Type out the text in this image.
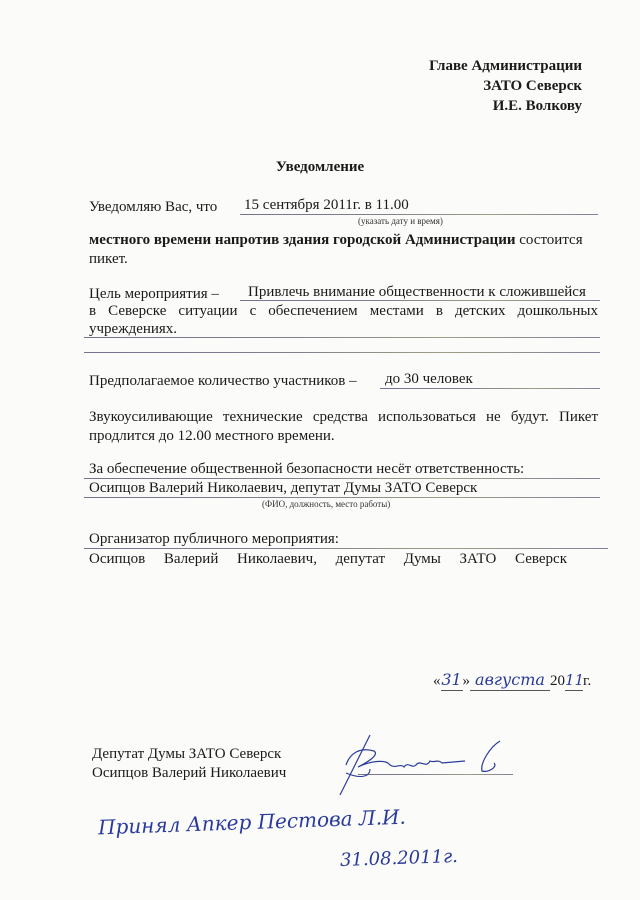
Главе Администрации
ЗАТО Северск
И.Е. Волкову
Уведомление
Уведомляю Вас, что 15 сентября 2011г. в 11.00
(указать дату и время)
местного времени напротив здания городской Администрации состоится
пикет.
Цель мероприятия – Привлечь внимание общественности к сложившейся
в Северске ситуации с обеспечением местами в детских дошкольных
учреждениях.
Предполагаемое количество участников – до 30 человек
Звукоусиливающие технические средства использоваться не будут. Пикет
продлится до 12.00 местного времени.
За обеспечение общественной безопасности несёт ответственность:
Осипцов Валерий Николаевич, депутат Думы ЗАТО Северск
(ФИО, должность, место работы)
Организатор публичного мероприятия:
Осипцов Валерий Николаевич, депутат Думы ЗАТО Северск
«31» августа 2011г.
Депутат Думы ЗАТО Северск
Осипцов Валерий Николаевич
Принял Апкер Пестова Л.И.
31.08.2011г.
